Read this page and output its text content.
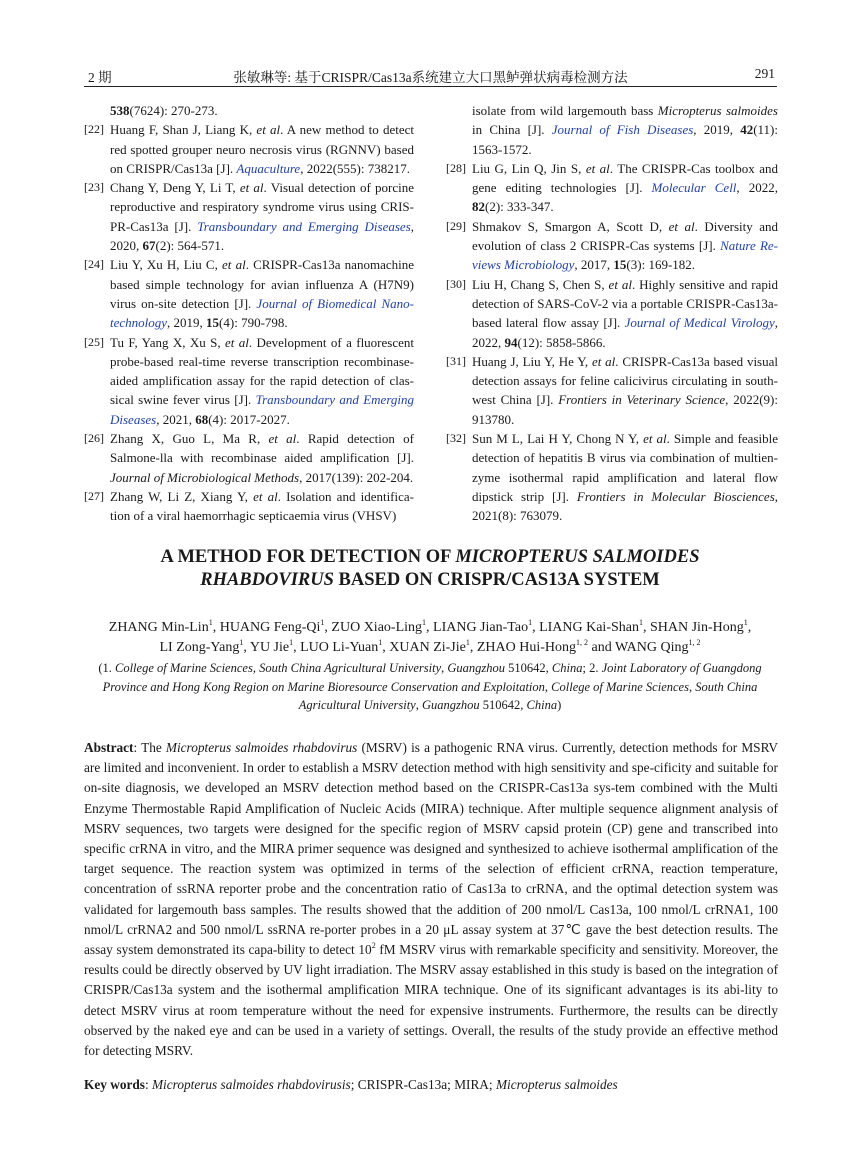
2 期	张敏琳等: 基于CRISPR/Cas13a系统建立大口黑鲈弹状病毒检测方法	291
538(7624): 270-273.
[22] Huang F, Shan J, Liang K, et al. A new method to detect red spotted grouper neuro necrosis virus (RGNNV) based on CRISPR/Cas13a [J]. Aquaculture, 2022(555): 738217.
[23] Chang Y, Deng Y, Li T, et al. Visual detection of porcine reproductive and respiratory syndrome virus using CRIS-PR-Cas13a [J]. Transboundary and Emerging Diseases, 2020, 67(2): 564-571.
[24] Liu Y, Xu H, Liu C, et al. CRISPR-Cas13a nanomachine based simple technology for avian influenza A (H7N9) virus on-site detection [J]. Journal of Biomedical Nano-technology, 2019, 15(4): 790-798.
[25] Tu F, Yang X, Xu S, et al. Development of a fluorescent probe-based real-time reverse transcription recombinase-aided amplification assay for the rapid detection of clas-sical swine fever virus [J]. Transboundary and Emerging Diseases, 2021, 68(4): 2017-2027.
[26] Zhang X, Guo L, Ma R, et al. Rapid detection of Salmone-lla with recombinase aided amplification [J]. Journal of Microbiological Methods, 2017(139): 202-204.
[27] Zhang W, Li Z, Xiang Y, et al. Isolation and identifica-tion of a viral haemorrhagic septicaemia virus (VHSV)
isolate from wild largemouth bass Micropterus salmoides in China [J]. Journal of Fish Diseases, 2019, 42(11): 1563-1572.
[28] Liu G, Lin Q, Jin S, et al. The CRISPR-Cas toolbox and gene editing technologies [J]. Molecular Cell, 2022, 82(2): 333-347.
[29] Shmakov S, Smargon A, Scott D, et al. Diversity and evolution of class 2 CRISPR-Cas systems [J]. Nature Re-views Microbiology, 2017, 15(3): 169-182.
[30] Liu H, Chang S, Chen S, et al. Highly sensitive and rapid detection of SARS-CoV-2 via a portable CRISPR-Cas13a-based lateral flow assay [J]. Journal of Medical Virology, 2022, 94(12): 5858-5866.
[31] Huang J, Liu Y, He Y, et al. CRISPR-Cas13a based visual detection assays for feline calicivirus circulating in south-west China [J]. Frontiers in Veterinary Science, 2022(9): 913780.
[32] Sun M L, Lai H Y, Chong N Y, et al. Simple and feasible detection of hepatitis B virus via combination of multien-zyme isothermal rapid amplification and lateral flow dipstick strip [J]. Frontiers in Molecular Biosciences, 2021(8): 763079.
A METHOD FOR DETECTION OF MICROPTERUS SALMOIDES
RHABDOVIRUS BASED ON CRISPR/CAS13A SYSTEM
ZHANG Min-Lin$^1$, HUANG Feng-Qi$^1$, ZUO Xiao-Ling$^1$, LIANG Jian-Tao$^1$, LIANG Kai-Shan$^1$, SHAN Jin-Hong$^1$,
LI Zong-Yang$^1$, YU Jie$^1$, LUO Li-Yuan$^1$, XUAN Zi-Jie$^1$, ZHAO Hui-Hong$^{1, 2}$ and WANG Qing$^{1, 2}$
(1. College of Marine Sciences, South China Agricultural University, Guangzhou 510642, China; 2. Joint Laboratory of Guangdong Province and Hong Kong Region on Marine Bioresource Conservation and Exploitation, College of Marine Sciences, South China Agricultural University, Guangzhou 510642, China)
Abstract: The Micropterus salmoides rhabdovirus (MSRV) is a pathogenic RNA virus. Currently, detection methods for MSRV are limited and inconvenient. In order to establish a MSRV detection method with high sensitivity and spe-cificity and suitable for on-site diagnosis, we developed an MSRV detection method based on the CRISPR-Cas13a sys-tem combined with the Multi Enzyme Thermostable Rapid Amplification of Nucleic Acids (MIRA) technique. After multiple sequence alignment analysis of MSRV sequences, two targets were designed for the specific region of MSRV capsid protein (CP) gene and transcribed into specific crRNA in vitro, and the MIRA primer sequence was designed and synthesized to achieve isothermal amplification of the target sequence. The reaction system was optimized in terms of the selection of efficient crRNA, reaction temperature, concentration of ssRNA reporter probe and the concentration ratio of Cas13a to crRNA, and the optimal detection system was validated for largemouth bass samples. The results showed that the addition of 200 nmol/L Cas13a, 100 nmol/L crRNA1, 100 nmol/L crRNA2 and 500 nmol/L ssRNA re-porter probes in a 20 μL assay system at 37℃ gave the best detection results. The assay system demonstrated its capa-bility to detect $10^2$ fM MSRV virus with remarkable specificity and sensitivity. Moreover, the results could be directly observed by UV light irradiation. The MSRV assay established in this study is based on the integration of CRISPR/Cas13a system and the isothermal amplification MIRA technique. One of its significant advantages is its abi-lity to detect MSRV virus at room temperature without the need for expensive instruments. Furthermore, the results can be directly observed by the naked eye and can be used in a variety of settings. Overall, the results of the study provide an effective method for detecting MSRV.
Key words: Micropterus salmoides rhabdovirusis; CRISPR-Cas13a; MIRA; Micropterus salmoides
